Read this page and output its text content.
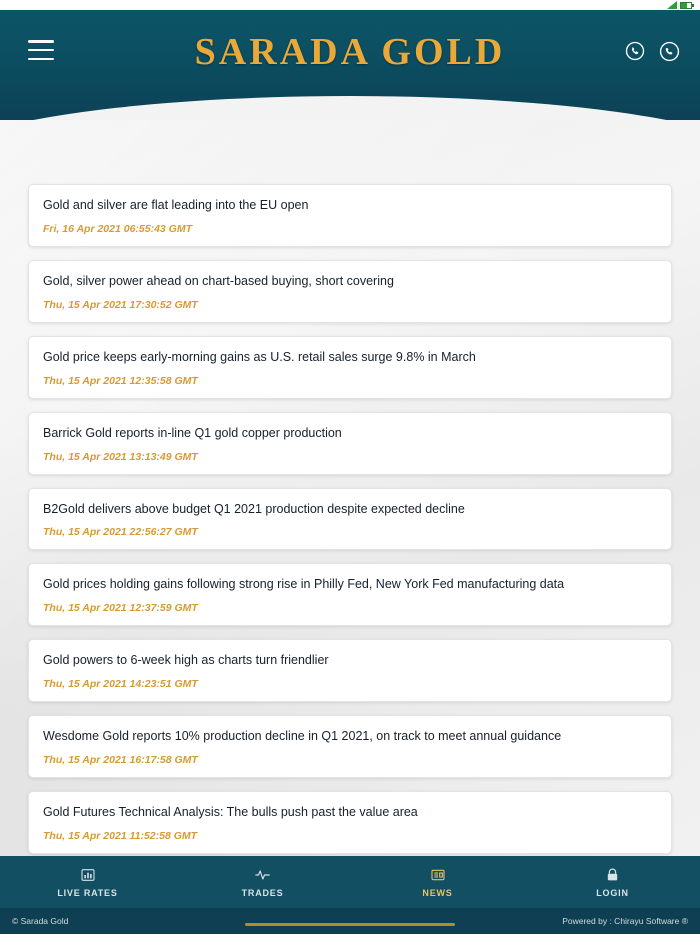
SARADA GOLD
Gold and silver are flat leading into the EU open
Fri, 16 Apr 2021 06:55:43 GMT
Gold, silver power ahead on chart-based buying, short covering
Thu, 15 Apr 2021 17:30:52 GMT
Gold price keeps early-morning gains as U.S. retail sales surge 9.8% in March
Thu, 15 Apr 2021 12:35:58 GMT
Barrick Gold reports in-line Q1 gold copper production
Thu, 15 Apr 2021 13:13:49 GMT
B2Gold delivers above budget Q1 2021 production despite expected decline
Thu, 15 Apr 2021 22:56:27 GMT
Gold prices holding gains following strong rise in Philly Fed, New York Fed manufacturing data
Thu, 15 Apr 2021 12:37:59 GMT
Gold powers to 6-week high as charts turn friendlier
Thu, 15 Apr 2021 14:23:51 GMT
Wesdome Gold reports 10% production decline in Q1 2021, on track to meet annual guidance
Thu, 15 Apr 2021 16:17:58 GMT
Gold Futures Technical Analysis: The bulls push past the value area
Thu, 15 Apr 2021 11:52:58 GMT
LIVE RATES	TRADES	NEWS	LOGIN
© Sarada Gold	Powered by : Chirayu Software ®
